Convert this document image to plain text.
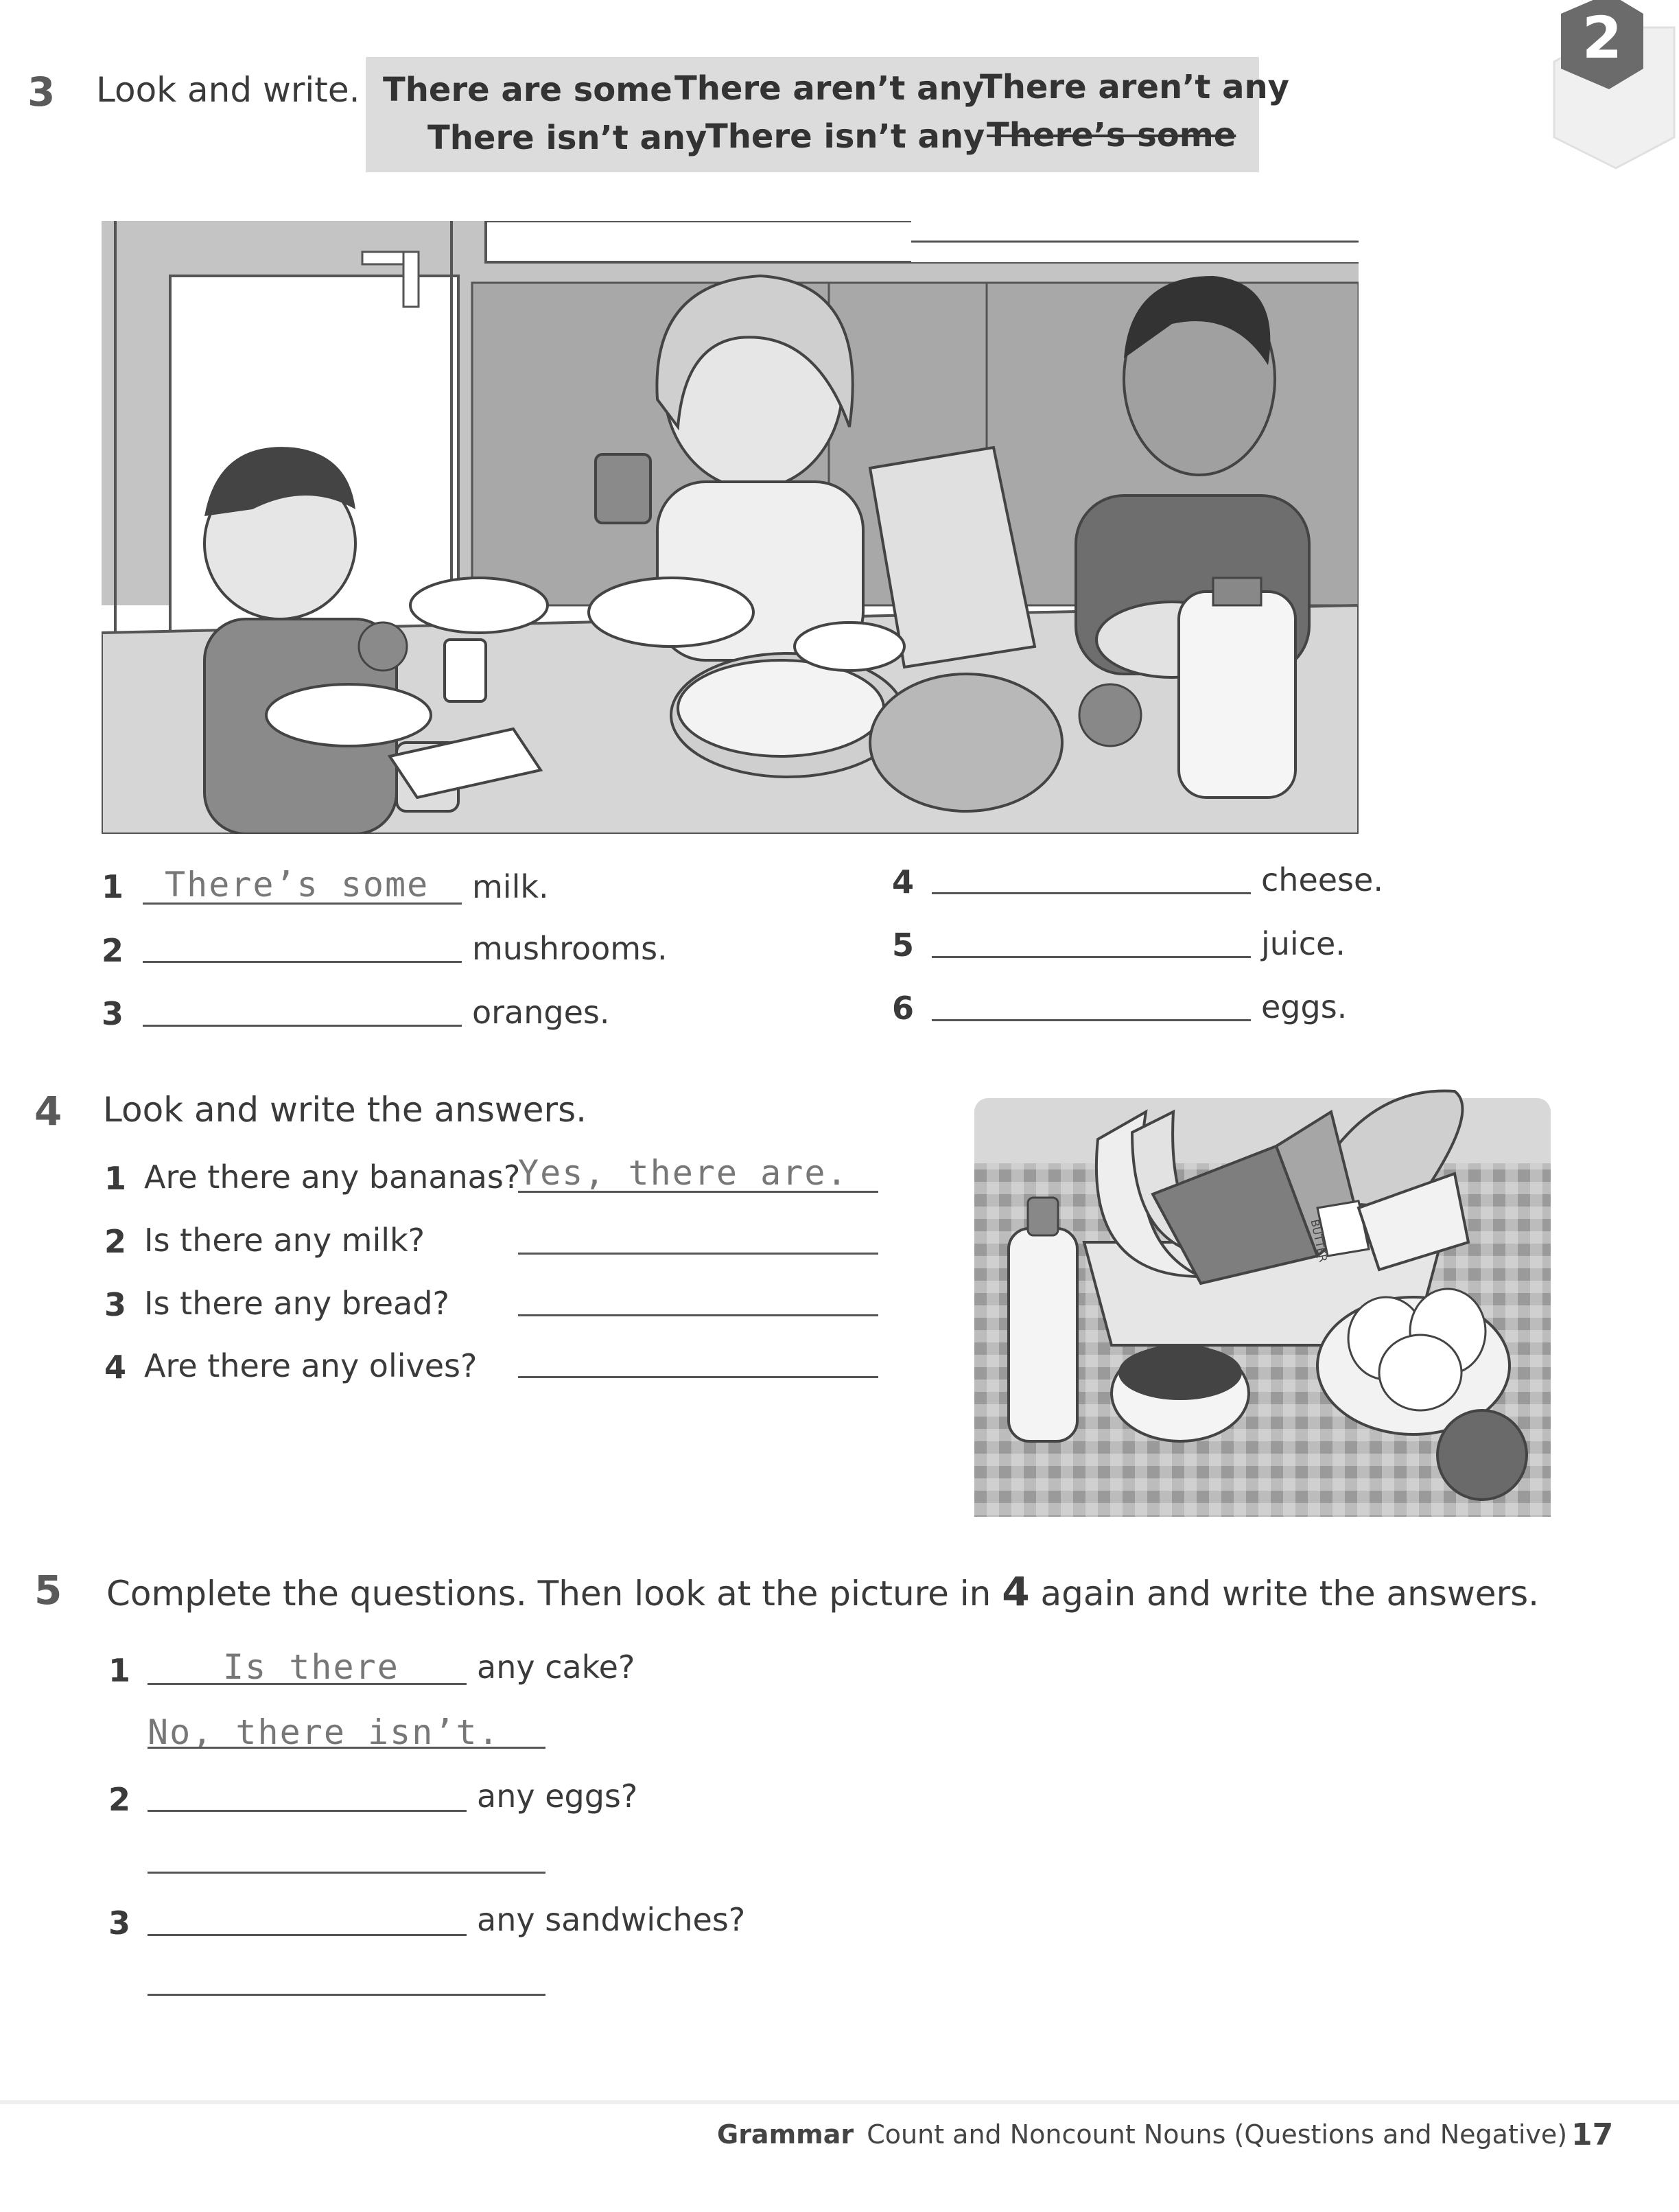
2
3 Look and write. There are some There aren’t any
There aren’t any
There isn’t any
There isn’t any There’s some
1 There’s some milk.
2	mushrooms.
3	oranges.
4	cheese.
5	juice.
6	eggs.
4 Look and write the answers.
1 Are there any bananas?
Yes, there are.
2 Is there any milk?
3 Is there any bread?
4 Are there any olives?
BUTTER
5 Complete the questions. Then look at the picture in 4 again and write the answers.
1	Is there any cake?
No, there isn’t.
2	any eggs?
3	any sandwiches?
Grammar Count and Noncount Nouns (Questions and Negative) 17
